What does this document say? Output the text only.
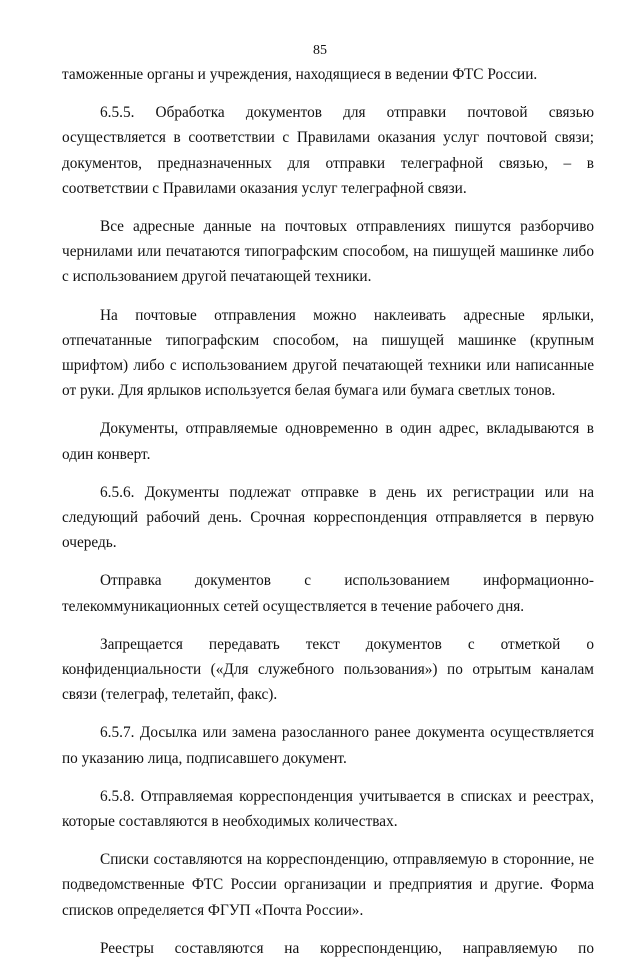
85

таможенные органы и учреждения, находящиеся в ведении ФТС России.

6.5.5. Обработка документов для отправки почтовой связью осуществляется в соответствии с Правилами оказания услуг почтовой связи; документов, предназначенных для отправки телеграфной связью, – в соответствии с Правилами оказания услуг телеграфной связи.

Все адресные данные на почтовых отправлениях пишутся разборчиво чернилами или печатаются типографским способом, на пишущей машинке либо с использованием другой печатающей техники.

На почтовые отправления можно наклеивать адресные ярлыки, отпечатанные типографским способом, на пишущей машинке (крупным шрифтом) либо с использованием другой печатающей техники или написанные от руки. Для ярлыков используется белая бумага или бумага светлых тонов.

Документы, отправляемые одновременно в один адрес, вкладываются в один конверт.

6.5.6. Документы подлежат отправке в день их регистрации или на следующий рабочий день. Срочная корреспонденция отправляется в первую очередь.

Отправка документов с использованием информационно-телекоммуникационных сетей осуществляется в течение рабочего дня.

Запрещается передавать текст документов с отметкой о конфиденциальности («Для служебного пользования») по отрытым каналам связи (телеграф, телетайп, факс).

6.5.7. Досылка или замена разосланного ранее документа осуществляется по указанию лица, подписавшего документ.

6.5.8. Отправляемая корреспонденция учитывается в списках и реестрах, которые составляются в необходимых количествах.

Списки составляются на корреспонденцию, отправляемую в сторонние, не подведомственные ФТС России организации и предприятия и другие. Форма списков определяется ФГУП «Почта России».

Реестры составляются на корреспонденцию, направляемую по
